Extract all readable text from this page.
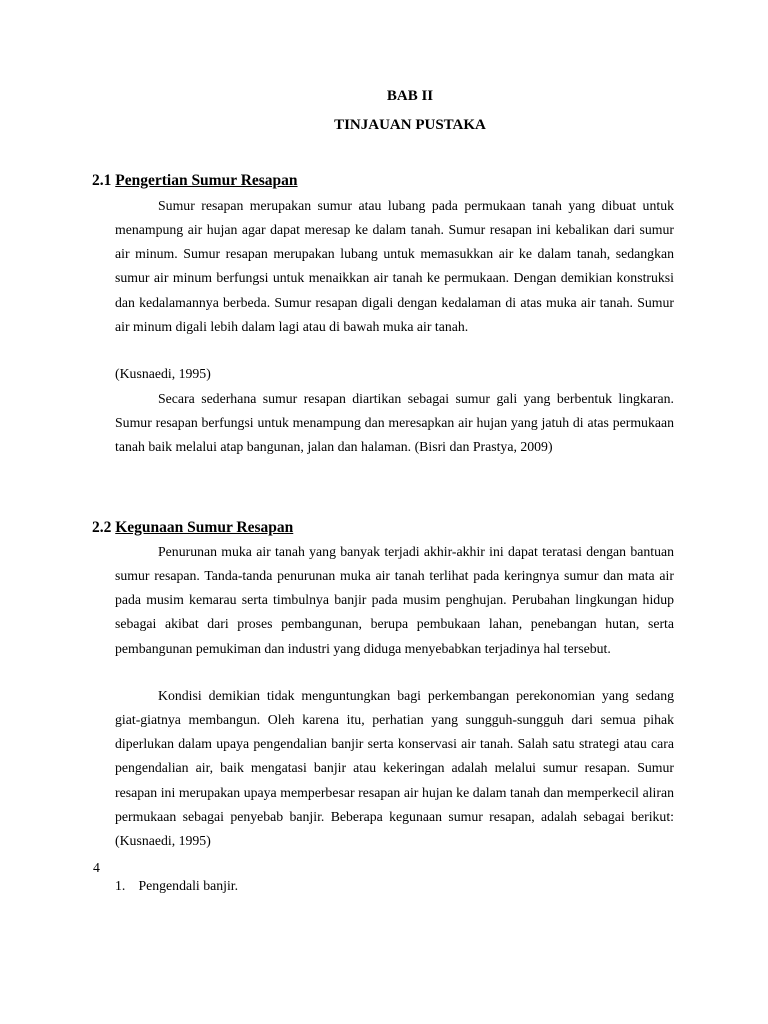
BAB II

TINJAUAN PUSTAKA

2.1 Pengertian Sumur Resapan

Sumur resapan merupakan sumur atau lubang pada permukaan tanah yang dibuat untuk menampung air hujan agar dapat meresap ke dalam tanah. Sumur resapan ini kebalikan dari sumur air minum. Sumur resapan merupakan lubang untuk memasukkan air ke dalam tanah, sedangkan sumur air minum berfungsi untuk menaikkan air tanah ke permukaan. Dengan demikian konstruksi dan kedalamannya berbeda. Sumur resapan digali dengan kedalaman di atas muka air tanah. Sumur air minum digali lebih dalam lagi atau di bawah muka air tanah.

(Kusnaedi, 1995)

Secara sederhana sumur resapan diartikan sebagai sumur gali yang berbentuk lingkaran. Sumur resapan berfungsi untuk menampung dan meresapkan air hujan yang jatuh di atas permukaan tanah baik melalui atap bangunan, jalan dan halaman. (Bisri dan Prastya, 2009)

2.2 Kegunaan Sumur Resapan

Penurunan muka air tanah yang banyak terjadi akhir-akhir ini dapat teratasi dengan bantuan sumur resapan. Tanda-tanda penurunan muka air tanah terlihat pada keringnya sumur dan mata air pada musim kemarau serta timbulnya banjir pada musim penghujan. Perubahan lingkungan hidup sebagai akibat dari proses pembangunan, berupa pembukaan lahan, penebangan hutan, serta pembangunan pemukiman dan industri yang diduga menyebabkan terjadinya hal tersebut.

Kondisi demikian tidak menguntungkan bagi perkembangan perekonomian yang sedang giat-giatnya membangun. Oleh karena itu, perhatian yang sungguh-sungguh dari semua pihak diperlukan dalam upaya pengendalian banjir serta konservasi air tanah. Salah satu strategi atau cara pengendalian air, baik mengatasi banjir atau kekeringan adalah melalui sumur resapan. Sumur resapan ini merupakan upaya memperbesar resapan air hujan ke dalam tanah dan memperkecil aliran permukaan sebagai penyebab banjir. Beberapa kegunaan sumur resapan, adalah sebagai berikut: (Kusnaedi, 1995)

4

1. Pengendali banjir.
